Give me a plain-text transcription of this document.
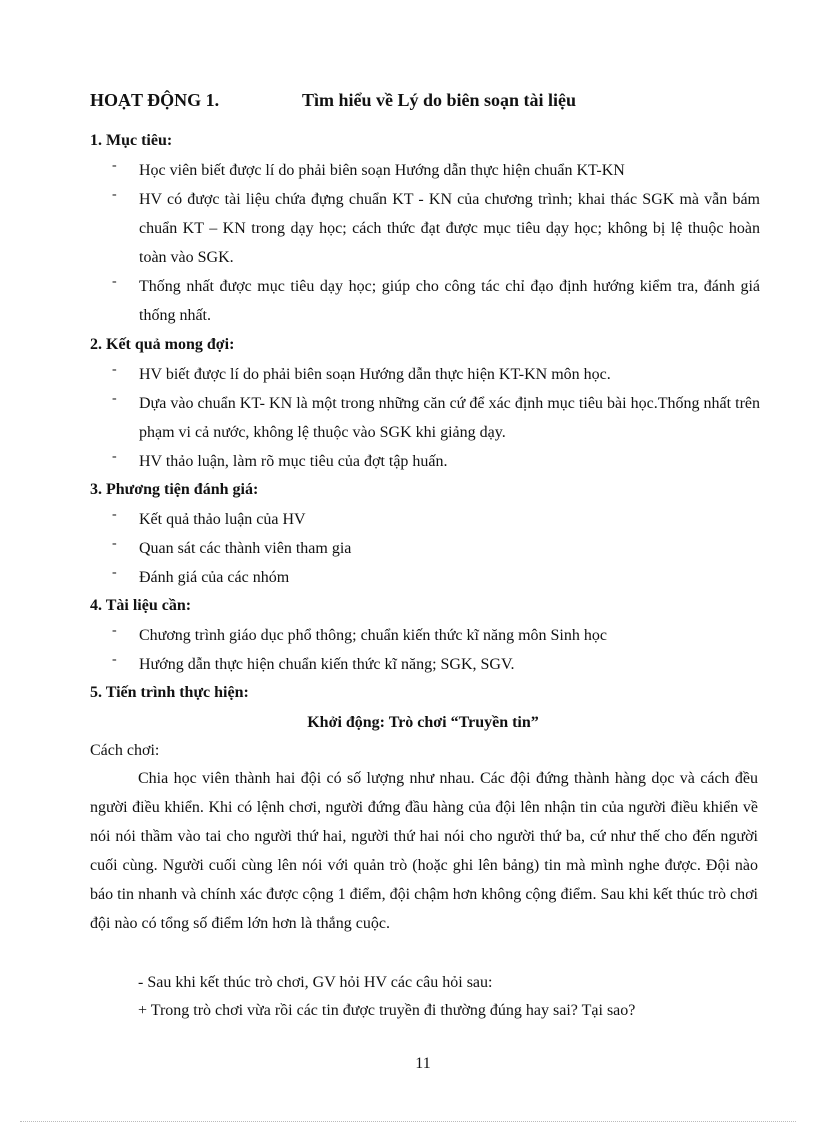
HOẠT ĐỘNG 1.	Tìm hiểu về Lý do biên soạn tài liệu
1. Mục tiêu:
- Học viên biết được lí do phải biên soạn Hướng dẫn thực hiện chuẩn KT-KN
- HV có được tài liệu chứa đựng chuẩn KT - KN của chương trình; khai thác SGK mà vẫn bám chuẩn KT – KN trong dạy học; cách thức đạt được mục tiêu dạy học; không bị lệ thuộc hoàn toàn vào SGK.
- Thống nhất được mục tiêu dạy học; giúp cho công tác chỉ đạo định hướng kiểm tra, đánh giá thống nhất.
2. Kết quả mong đợi:
- HV biết được lí do phải biên soạn Hướng dẫn thực hiện KT-KN môn học.
- Dựa vào chuẩn KT- KN là một trong những căn cứ để xác định mục tiêu bài học.Thống nhất trên phạm vi cả nước, không lệ thuộc vào SGK khi giảng dạy.
- HV thảo luận, làm rõ mục tiêu của đợt tập huấn.
3. Phương tiện đánh giá:
- Kết quả thảo luận của HV
- Quan sát các thành viên tham gia
- Đánh giá của các nhóm
4. Tài liệu cần:
- Chương trình giáo dục phổ thông; chuẩn kiến thức kĩ năng môn Sinh học
- Hướng dẫn thực hiện chuẩn kiến thức kĩ năng; SGK, SGV.
5. Tiến trình thực hiện:
Khởi động: Trò chơi “Truyền tin”
Cách chơi:
Chia học viên thành hai đội có số lượng như nhau. Các đội đứng thành hàng dọc và cách đều người điều khiển. Khi có lệnh chơi, người đứng đầu hàng của đội lên nhận tin của người điều khiển về nói nói thầm vào tai cho người thứ hai, người thứ hai nói cho người thứ ba, cứ như thế cho đến người cuối cùng. Người cuối cùng lên nói với quản trò (hoặc ghi lên bảng) tin mà mình nghe được. Đội nào báo tin nhanh và chính xác được cộng 1 điểm, đội chậm hơn không cộng điểm. Sau khi kết thúc trò chơi đội nào có tổng số điểm lớn hơn là thắng cuộc.
- Sau khi kết thúc trò chơi, GV hỏi HV các câu hỏi sau:
+ Trong trò chơi vừa rồi các tin được truyền đi thường đúng hay sai? Tại sao?
11
